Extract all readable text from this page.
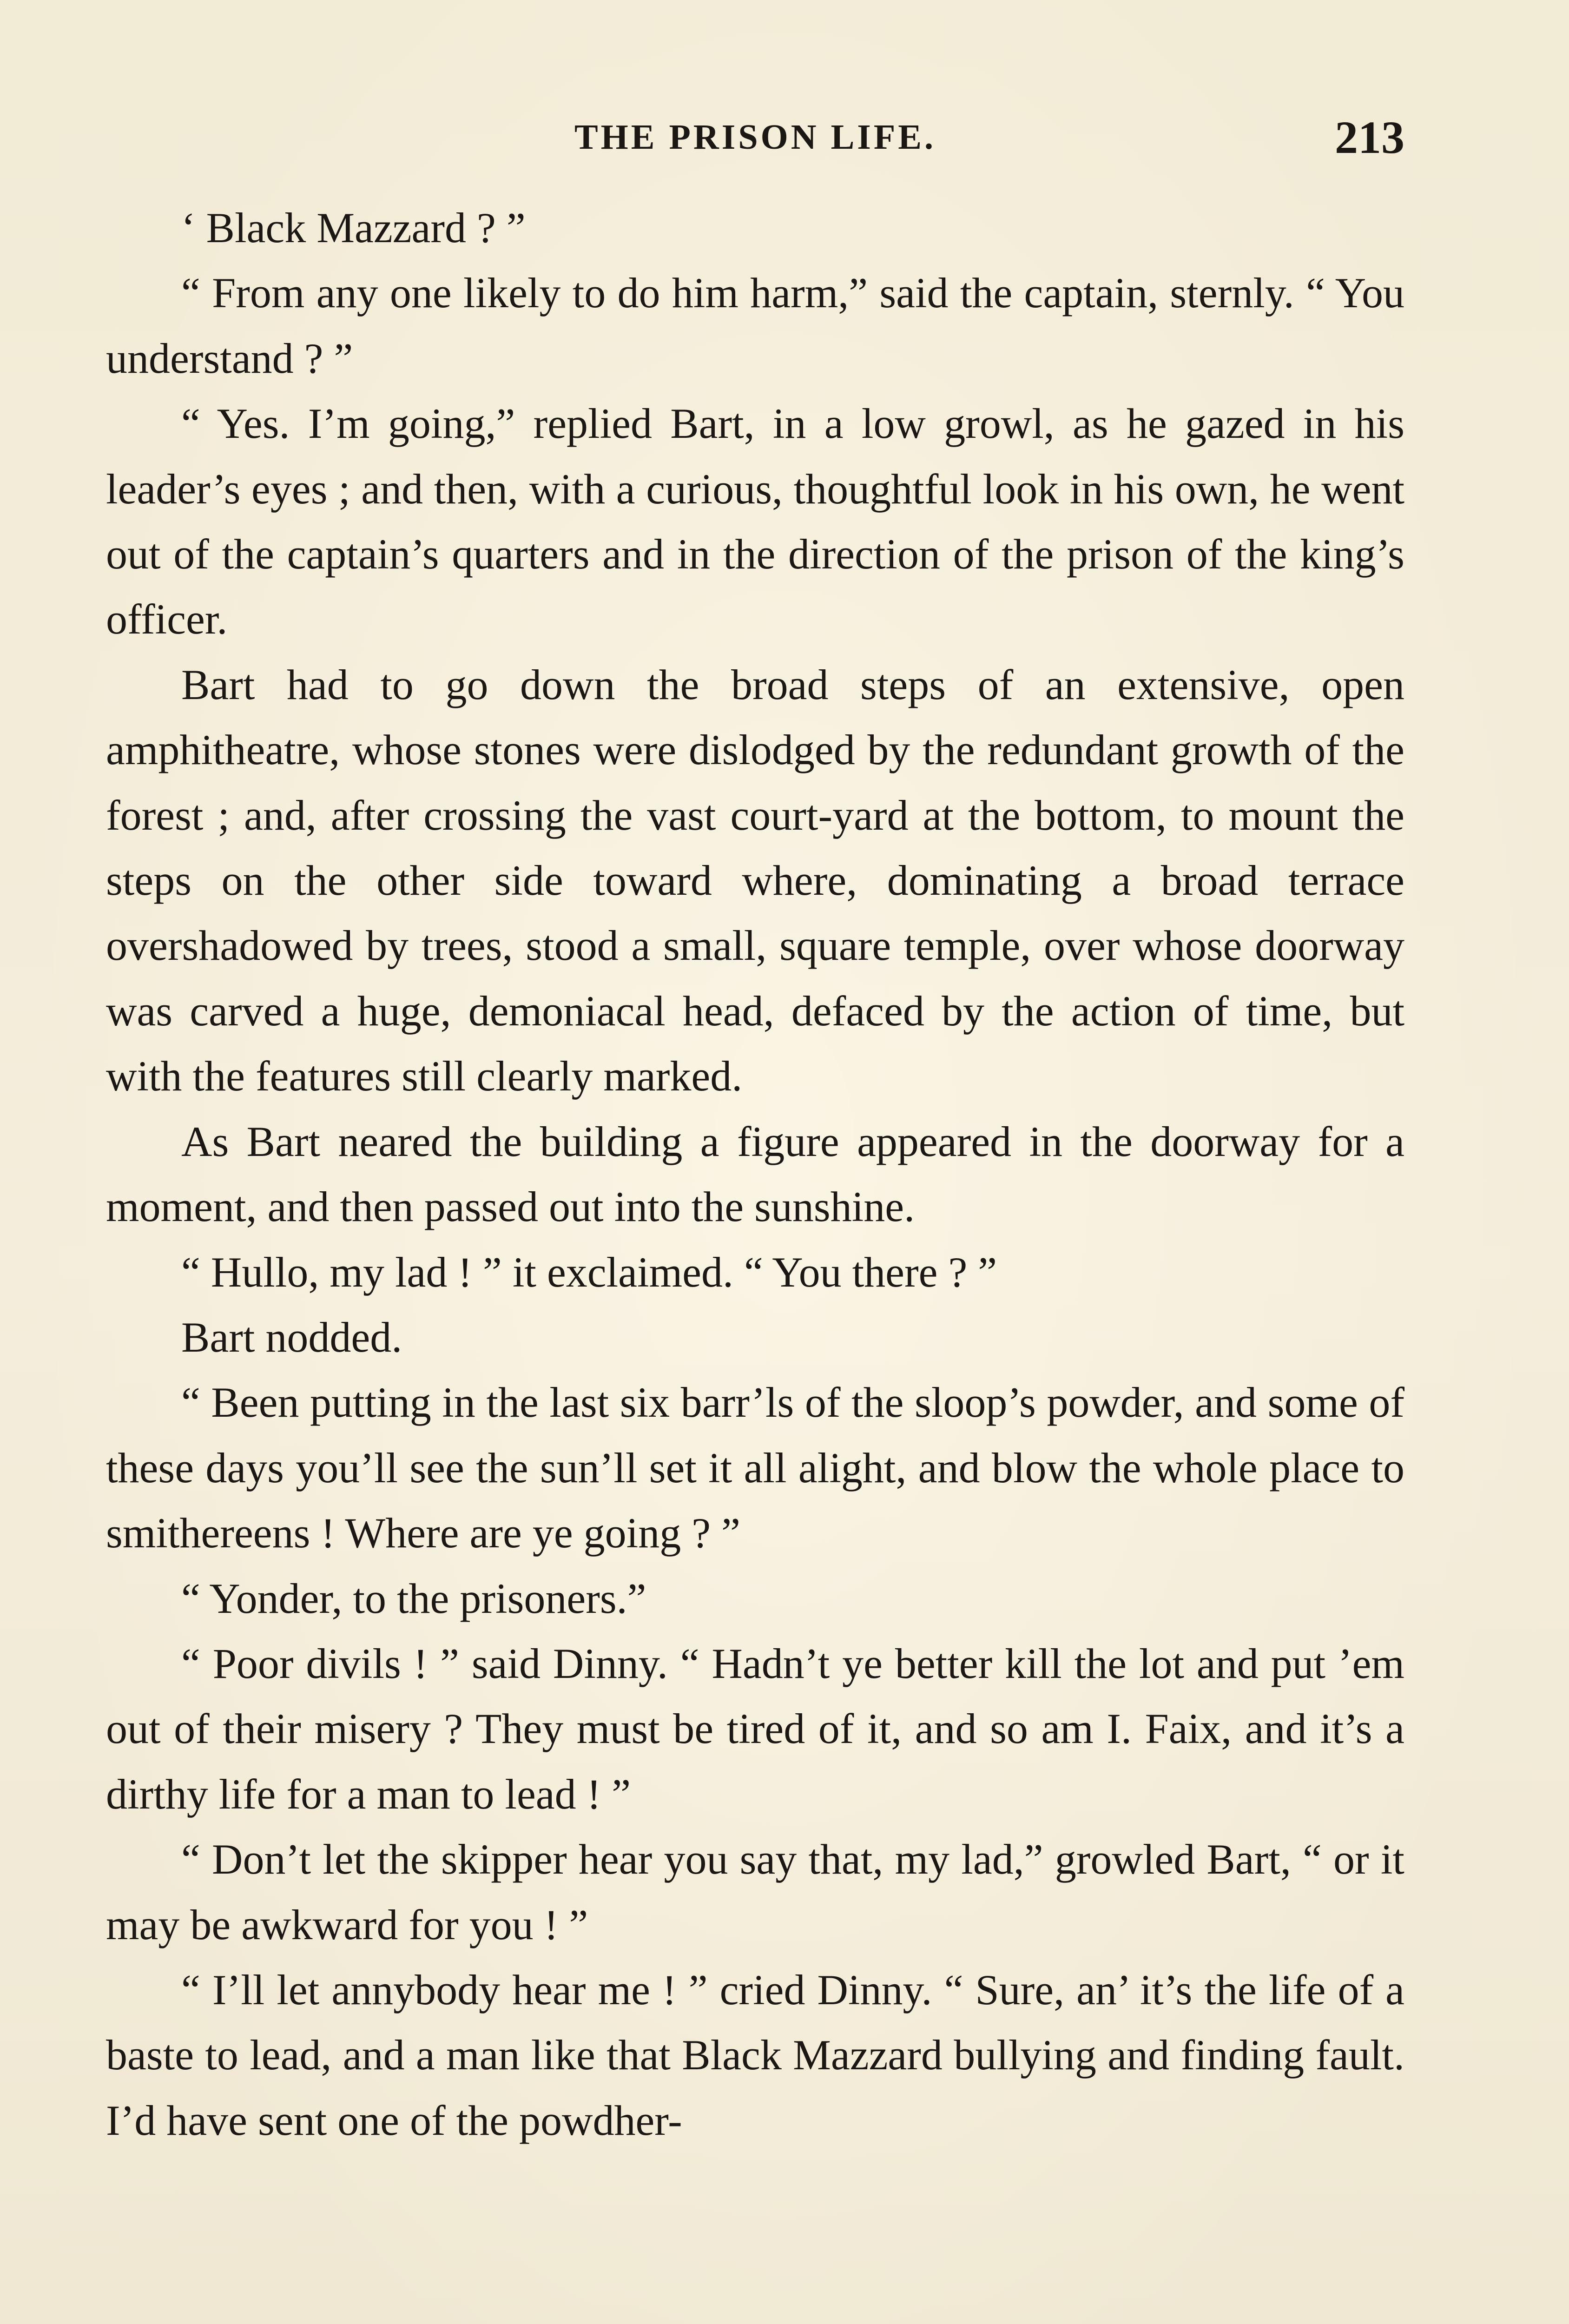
THE PRISON LIFE.	213

‘ Black Mazzard ? ”

“ From any one likely to do him harm,” said the captain, sternly. “ You understand ? ”

“ Yes. I’m going,” replied Bart, in a low growl, as he gazed in his leader’s eyes ; and then, with a curious, thoughtful look in his own, he went out of the captain’s quarters and in the direction of the prison of the king’s officer.

Bart had to go down the broad steps of an extensive, open amphitheatre, whose stones were dislodged by the redundant growth of the forest ; and, after crossing the vast court-yard at the bottom, to mount the steps on the other side toward where, dominating a broad terrace overshadowed by trees, stood a small, square temple, over whose doorway was carved a huge, demoniacal head, defaced by the action of time, but with the features still clearly marked.

As Bart neared the building a figure appeared in the doorway for a moment, and then passed out into the sunshine.

“ Hullo, my lad ! ” it exclaimed. “ You there ? ”

Bart nodded.

“ Been putting in the last six barr’ls of the sloop’s powder, and some of these days you’ll see the sun’ll set it all alight, and blow the whole place to smithereens ! Where are ye going ? ”

“ Yonder, to the prisoners.”

“ Poor divils ! ” said Dinny. “ Hadn’t ye better kill the lot and put ’em out of their misery ? They must be tired of it, and so am I. Faix, and it’s a dirthy life for a man to lead ! ”

“ Don’t let the skipper hear you say that, my lad,” growled Bart, “ or it may be awkward for you ! ”

“ I’ll let annybody hear me ! ” cried Dinny. “ Sure, an’ it’s the life of a baste to lead, and a man like that Black Mazzard bullying and finding fault. I’d have sent one of the powdher-
